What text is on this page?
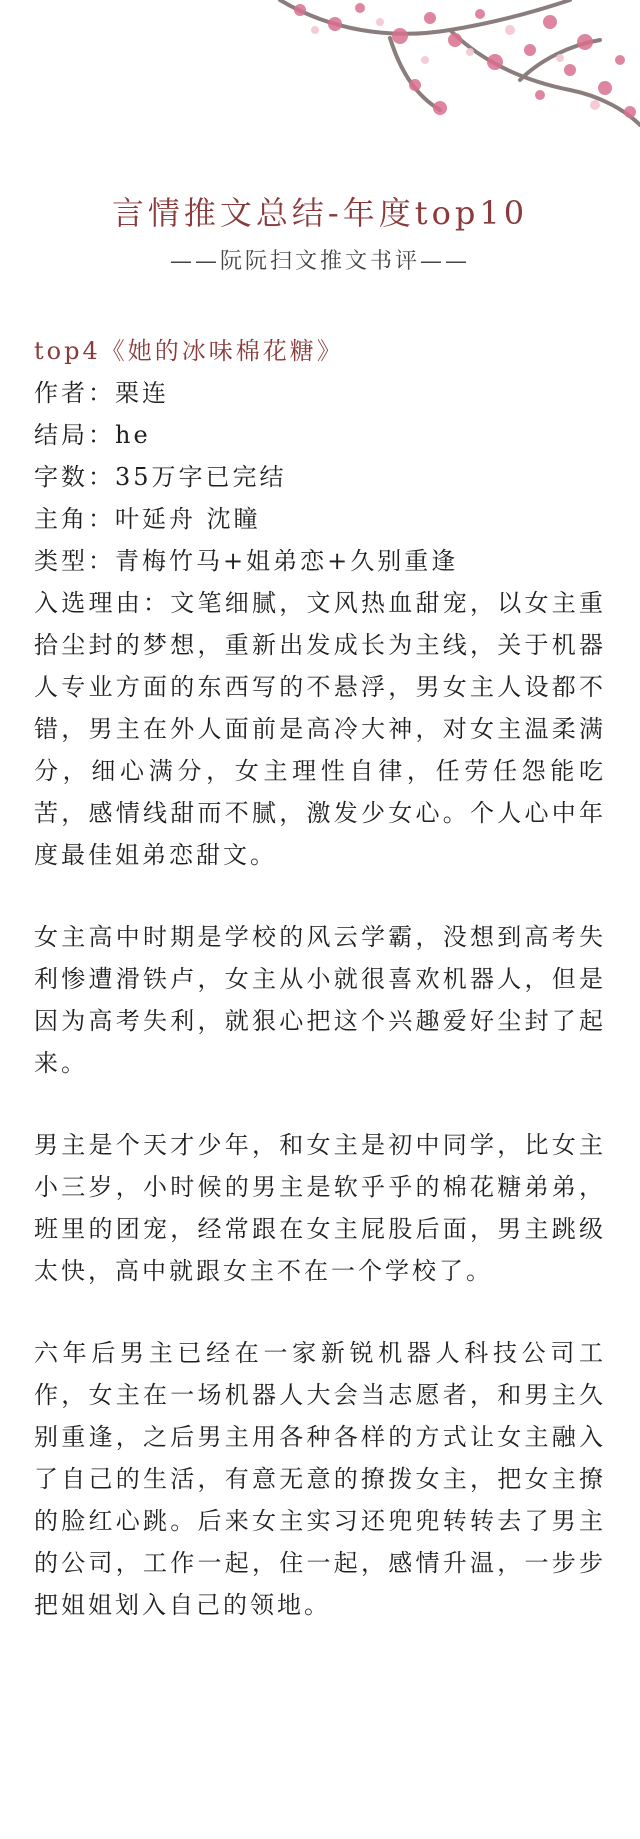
言情推文总结-年度top10
——阮阮扫文推文书评——

top4《她的冰味棉花糖》

作者：栗连

结局：he

字数：35万字已完结

主角：叶延舟 沈瞳

类型：青梅竹马+姐弟恋+久别重逢

入选理由：文笔细腻，文风热血甜宠，以女主重拾尘封的梦想，重新出发成长为主线，关于机器人专业方面的东西写的不悬浮，男女主人设都不错，男主在外人面前是高冷大神，对女主温柔满分，细心满分，女主理性自律，任劳任怨能吃苦，感情线甜而不腻，激发少女心。个人心中年度最佳姐弟恋甜文。

女主高中时期是学校的风云学霸，没想到高考失利惨遭滑铁卢，女主从小就很喜欢机器人，但是因为高考失利，就狠心把这个兴趣爱好尘封了起来。

男主是个天才少年，和女主是初中同学，比女主小三岁，小时候的男主是软乎乎的棉花糖弟弟，班里的团宠，经常跟在女主屁股后面，男主跳级太快，高中就跟女主不在一个学校了。

六年后男主已经在一家新锐机器人科技公司工作，女主在一场机器人大会当志愿者，和男主久别重逢，之后男主用各种各样的方式让女主融入了自己的生活，有意无意的撩拨女主，把女主撩的脸红心跳。后来女主实习还兜兜转转去了男主的公司，工作一起，住一起，感情升温，一步步把姐姐划入自己的领地。
